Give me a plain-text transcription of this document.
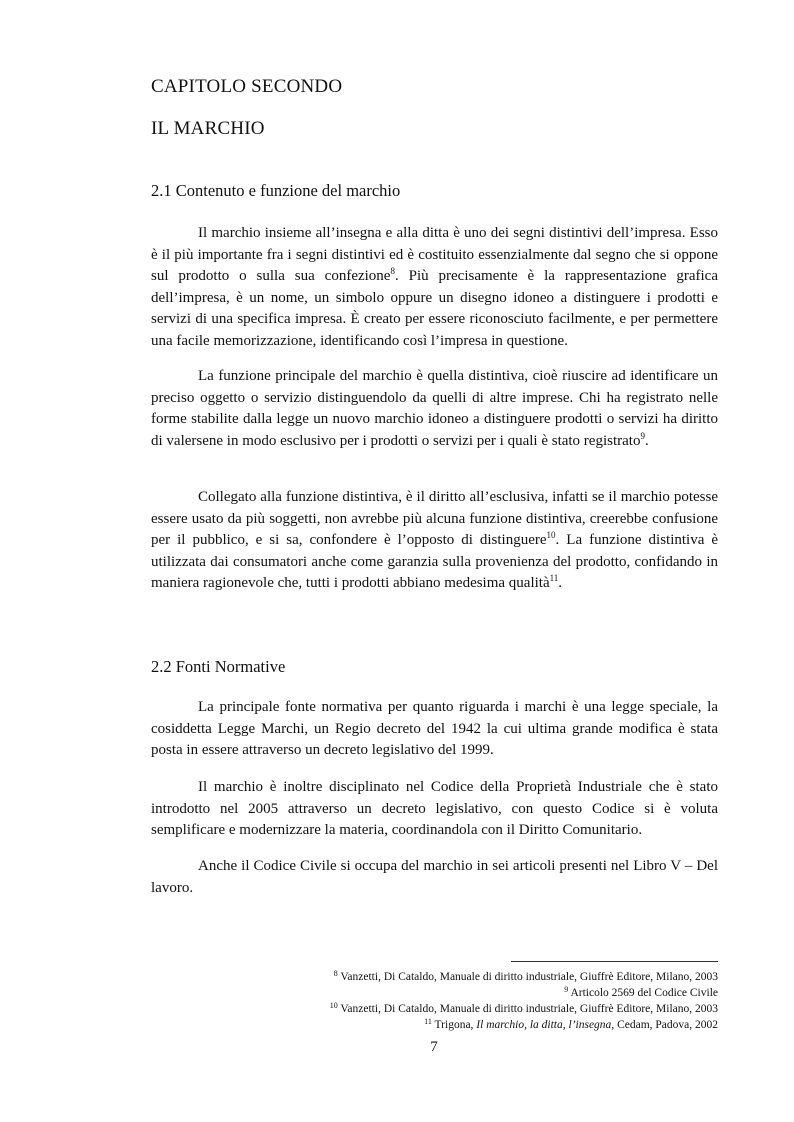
CAPITOLO SECONDO
IL MARCHIO
2.1 Contenuto e funzione del marchio

Il marchio insieme all’insegna e alla ditta è uno dei segni distintivi dell’impresa. Esso è il più importante fra i segni distintivi ed è costituito essenzialmente dal segno che si oppone sul prodotto o sulla sua confezione$^8$. Più precisamente è la rappresentazione grafica dell’impresa, è un nome, un simbolo oppure un disegno idoneo a distinguere i prodotti e servizi di una specifica impresa. È creato per essere riconosciuto facilmente, e per permettere una facile memorizzazione, identificando così l’impresa in questione.

La funzione principale del marchio è quella distintiva, cioè riuscire ad identificare un preciso oggetto o servizio distinguendolo da quelli di altre imprese. Chi ha registrato nelle forme stabilite dalla legge un nuovo marchio idoneo a distinguere prodotti o servizi ha diritto di valersene in modo esclusivo per i prodotti o servizi per i quali è stato registrato$^9$.

Collegato alla funzione distintiva, è il diritto all’esclusiva, infatti se il marchio potesse essere usato da più soggetti, non avrebbe più alcuna funzione distintiva, creerebbe confusione per il pubblico, e si sa, confondere è l’opposto di distinguere$^{10}$. La funzione distintiva è utilizzata dai consumatori anche come garanzia sulla provenienza del prodotto, confidando in maniera ragionevole che, tutti i prodotti abbiano medesima qualità$^{11}$.

2.2 Fonti Normative

La principale fonte normativa per quanto riguarda i marchi è una legge speciale, la cosiddetta Legge Marchi, un Regio decreto del 1942 la cui ultima grande modifica è stata posta in essere attraverso un decreto legislativo del 1999.

Il marchio è inoltre disciplinato nel Codice della Proprietà Industriale che è stato introdotto nel 2005 attraverso un decreto legislativo, con questo Codice si è voluta semplificare e modernizzare la materia, coordinandola con il Diritto Comunitario.

Anche il Codice Civile si occupa del marchio in sei articoli presenti nel Libro V – Del lavoro.

$^8$ Vanzetti, Di Cataldo, Manuale di diritto industriale, Giuffrè Editore, Milano, 2003

$^9$ Articolo 2569 del Codice Civile

$^{10}$ Vanzetti, Di Cataldo, Manuale di diritto industriale, Giuffrè Editore, Milano, 2003

$^{11}$ Trigona, Il marchio, la ditta, l’insegna, Cedam, Padova, 2002

7
